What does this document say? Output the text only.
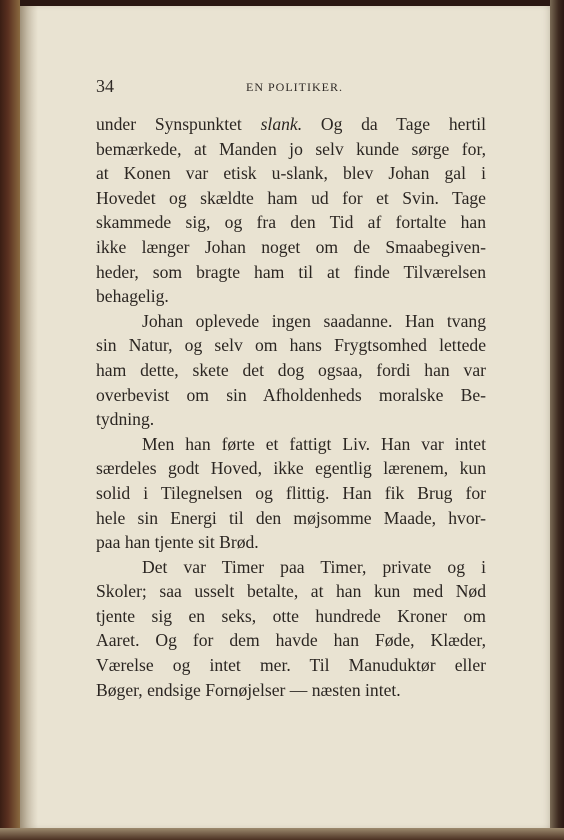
34	EN POLITIKER.
under Synspunktet slank. Og da Tage hertil
bemærkede, at Manden jo selv kunde sørge for,
at Konen var etisk u-slank, blev Johan gal i
Hovedet og skældte ham ud for et Svin. Tage
skammede sig, og fra den Tid af fortalte han
ikke længer Johan noget om de Smaabegiven-
heder, som bragte ham til at finde Tilværelsen
behagelig.
Johan oplevede ingen saadanne. Han tvang
sin Natur, og selv om hans Frygtsomhed lettede
ham dette, skete det dog ogsaa, fordi han var
overbevist om sin Afholdenheds moralske Be-
tydning.
Men han førte et fattigt Liv. Han var intet
særdeles godt Hoved, ikke egentlig lærenem, kun
solid i Tilegnelsen og flittig. Han fik Brug for
hele sin Energi til den møjsomme Maade, hvor-
paa han tjente sit Brød.
Det var Timer paa Timer, private og i
Skoler; saa usselt betalte, at han kun med Nød
tjente sig en seks, otte hundrede Kroner om
Aaret. Og for dem havde han Føde, Klæder,
Værelse og intet mer. Til Manuduktør eller
Bøger, endsige Fornøjelser — næsten intet.
